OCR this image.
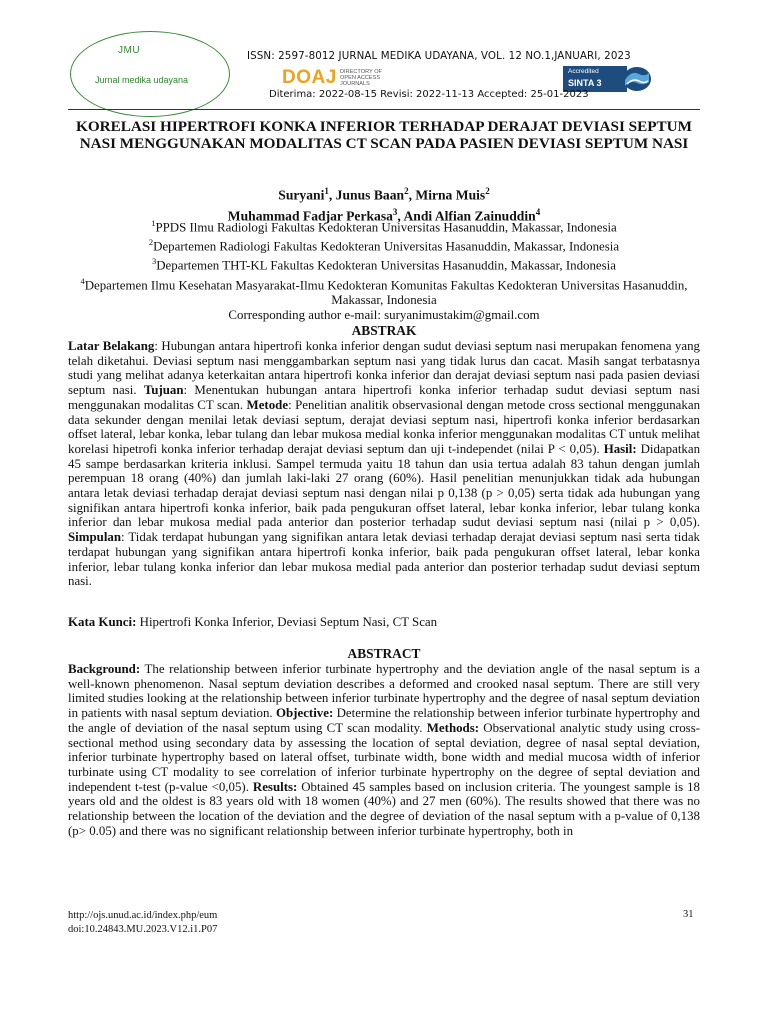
JMU
Jurnal medika udayana
ISSN: 2597-8012 JURNAL MEDIKA UDAYANA, VOL. 12 NO.1,JANUARI, 2023
DOAJ DIRECTORY OF OPEN ACCESS JOURNALS
Accredited
SINTA 3
Diterima: 2022-08-15 Revisi: 2022-11-13 Accepted: 25-01-2023
KORELASI HIPERTROFI KONKA INFERIOR TERHADAP DERAJAT DEVIASI SEPTUM NASI MENGGUNAKAN MODALITAS CT SCAN PADA PASIEN DEVIASI SEPTUM NASI
Suryani$^1$, Junus Baan$^2$, Mirna Muis$^2$
Muhammad Fadjar Perkasa$^3$, Andi Alfian Zainuddin$^4$
$^1$PPDS Ilmu Radiologi Fakultas Kedokteran Universitas Hasanuddin, Makassar, Indonesia
$^2$Departemen Radiologi Fakultas Kedokteran Universitas Hasanuddin, Makassar, Indonesia
$^3$Departemen THT-KL Fakultas Kedokteran Universitas Hasanuddin, Makassar, Indonesia
$^4$Departemen Ilmu Kesehatan Masyarakat-Ilmu Kedokteran Komunitas Fakultas Kedokteran Universitas Hasanuddin, Makassar, Indonesia
Corresponding author e-mail: suryanimustakim@gmail.com
ABSTRAK
Latar Belakang: Hubungan antara hipertrofi konka inferior dengan sudut deviasi septum nasi merupakan fenomena yang telah diketahui. Deviasi septum nasi menggambarkan septum nasi yang tidak lurus dan cacat. Masih sangat terbatasnya studi yang melihat adanya keterkaitan antara hipertrofi konka inferior dan derajat deviasi septum nasi pada pasien deviasi septum nasi. Tujuan: Menentukan hubungan antara hipertrofi konka inferior terhadap sudut deviasi septum nasi menggunakan modalitas CT scan. Metode: Penelitian analitik observasional dengan metode cross sectional menggunakan data sekunder dengan menilai letak deviasi septum, derajat deviasi septum nasi, hipertrofi konka inferior berdasarkan offset lateral, lebar konka, lebar tulang dan lebar mukosa medial konka inferior menggunakan modalitas CT untuk melihat korelasi hipetrofi konka inferior terhadap derajat deviasi septum dan uji t-independet (nilai P < 0,05). Hasil: Didapatkan 45 sampe berdasarkan kriteria inklusi. Sampel termuda yaitu 18 tahun dan usia tertua adalah 83 tahun dengan jumlah perempuan 18 orang (40%) dan jumlah laki-laki 27 orang (60%). Hasil penelitian menunjukkan tidak ada hubungan antara letak deviasi terhadap derajat deviasi septum nasi dengan nilai p 0,138 (p > 0,05) serta tidak ada hubungan yang signifikan antara hipertrofi konka inferior, baik pada pengukuran offset lateral, lebar konka inferior, lebar tulang konka inferior dan lebar mukosa medial pada anterior dan posterior terhadap sudut deviasi septum nasi (nilai p > 0,05). Simpulan: Tidak terdapat hubungan yang signifikan antara letak deviasi terhadap derajat deviasi septum nasi serta tidak terdapat hubungan yang signifikan antara hipertrofi konka inferior, baik pada pengukuran offset lateral, lebar konka inferior, lebar tulang konka inferior dan lebar mukosa medial pada anterior dan posterior terhadap sudut deviasi septum nasi.
Kata Kunci: Hipertrofi Konka Inferior, Deviasi Septum Nasi, CT Scan
ABSTRACT
Background: The relationship between inferior turbinate hypertrophy and the deviation angle of the nasal septum is a well-known phenomenon. Nasal septum deviation describes a deformed and crooked nasal septum. There are still very limited studies looking at the relationship between inferior turbinate hypertrophy and the degree of nasal septum deviation in patients with nasal septum deviation. Objective: Determine the relationship between inferior turbinate hypertrophy and the angle of deviation of the nasal septum using CT scan modality. Methods: Observational analytic study using cross-sectional method using secondary data by assessing the location of septal deviation, degree of nasal septal deviation, inferior turbinate hypertrophy based on lateral offset, turbinate width, bone width and medial mucosa width of inferior turbinate using CT modality to see correlation of inferior turbinate hypertrophy on the degree of septal deviation and independent t-test (p-value <0,05). Results: Obtained 45 samples based on inclusion criteria. The youngest sample is 18 years old and the oldest is 83 years old with 18 women (40%) and 27 men (60%). The results showed that there was no relationship between the location of the deviation and the degree of deviation of the nasal septum with a p-value of 0,138 (p> 0.05) and there was no significant relationship between inferior turbinate hypertrophy, both in
http://ojs.unud.ac.id/index.php/eum
doi:10.24843.MU.2023.V12.i1.P07
31
